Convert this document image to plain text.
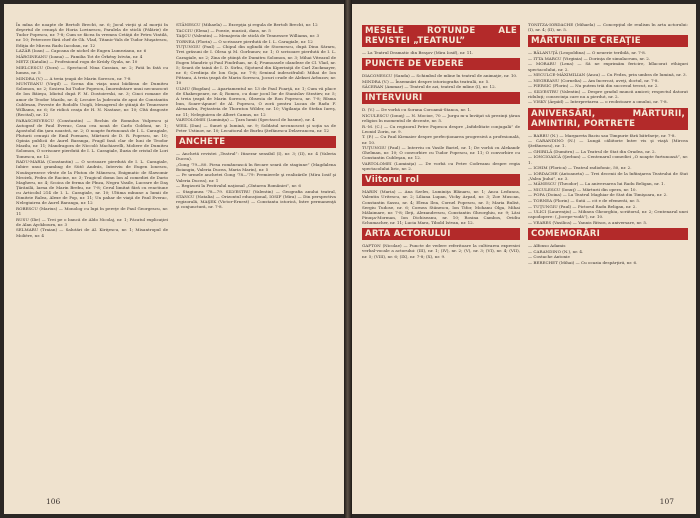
În mîna de noapte de Bertolt Brecht, nr. 6; Jocul vieţii şi al morţii în deşertul de cenuşă de Horia Lovinescu, Paralela de sticlă (Pălărie) de Tudor Popescu, nr. 7-8; Cum se făcea în vremea Cetăţii de Petru Vintilă, nr. 10; Petrecere fără chef de Gh. Vlad, Titanic-Vals de Tudor Muşatescu, Ediţia de Mircea Radu Iacoban, nr. 12
LAZĂR (Ioan) — Capcana de nichel de Eugen Lumezianu, nr. 6
MĂRGINEANU (Ioana) — Familia Tot de Örkény István, nr. 4
METZ (Katalin) — Profesionul rogu de Krúdy Gyula, nr. 10
MIELCESCU (Dora) — Spectacol Nina Cassian, nr. 2; Fată în fată cu lumea, nr. 5
MINDRA (V.) — A treia ţeapă de Marin Sorescu, nr. 7-8
MUNTEANU (Virgil) — Scena din viaţa unui bădăran de Dumitru Solomon, nr. 2; Sosirea lui Tudor Popescu, Îmormîntare unui necunoscut de Ion Băieşu, Idiotul după F. M. Dostoievski, nr. 3; Cinci romane de amor de Teodor Mazilu, nr. 4; Lecuire la Judecata de apoi de Constantin Cublesan, Poveste de Rodolfo Usigli, Mesagerul de ştiinţă de Tennessee Williams, nr. 6; Se ridică ceaţa de H. N. Nastase, nr. 10; Cîtă dragoste (Recital), nr. 12
PARASCHIVESCU (Constantin) — Rechin de Romulus Vulpescu şi Autograf de Paul Everac, Casa cea nouă de Carlo Goldoni, nr. 1; Apostolul din ţara noastră, nr. 2; O noapte furtunoasă de I. L. Caragiale, Fluturii cenuşii de Emil Poenaru, Mărturii de D. R. Popescu, nr. 10; Opinia publică de Aurel Baranga, Fragil însă clar de luni de Teodor Mazilu, nr. 11; Mandragora de Niccolò Machiavelli, Moliere de Dumitru Solomon, O scrisoare pierdută de I. L. Caragiale, Iluzia de cristal de Lori Tomescu, nr. 12
RADU-MARIA (Constantin) — O scrisoare pierdută de I. L. Caragiale, Iubire unui grambag de Sütő András, Interviu de Eugen Ionescu, Nouăsprezece vîrste de la Pluton de Mănescu, Enigmatic de Slawomir Mrożek, Fedra de Racine, nr. 3; Tragicul domn Ion al comediei de Dario Magheru, nr. 4; Scoica de ferma de Pînza, Negru Vasile, Lucrare de Daş Ţărănilă, Iarna de Marin Brebu, nr. 7-8; Cerul limitat fără cu reactiune cu Articolul 214 de I. L. Caragiale, nr. 10; Ultima mînune a lumii de Dimitrie Ralea, Alexe de Pop, nr. 11; Un pahar de viaţă de Paul Everac, Nelegiuirea de Aurel Baranga, nr. 12
ROBESCU (Marius) — Monolog cu lupi în pereţe de Paul Georgescu, nr. 11
RUSU (Ilie) — Trei pe o bancă de Aldo Nicolaj, nr. 1; Păcatul explicaţiei de Alan Ayckbourn, nr. 3
SELMARU (Traian) — Salutări de Al. Kiriţescu, nr. 1; Misantropul de Molière, nr. 4
STĂNESCU (Mihaela) — Excepţia şi regula de Bertolt Brecht, nr. 12
TACCIU (Elena) — Poezie, muzică, dans, nr. 5
TAŞCU (Valentin) — Menajeria de sticlă de Tennessee Williams, nr. 3
TORNEA (Florin) — O scrisoare pierdută de I. L. Caragiale, nr. 12
TUŢUNGIU (Paul) — Chipul din oglindă de Stoenescu, după Dinu Săraru, Trei grăsuni de I. Olesa şi M. Gorbunov, nr. 1; O scrisoare pierdută de I. L. Caragiale, nr. 2; Zina de ştiinţă de Dumitru Solomon, nr. 3; Mihai Viteazul de Eugen Mandric şi Paul Findrihan, nr. 4; Frumoasele olandeze de Cl. Vlad, nr. 5; Seară de taină de I. D. Sirbu, Gijoturul din Kiperiniţă de Carl Zuckmayer, nr. 6; Credinţa de Ion Goja, nr. 7-8; Seninul indescifrabil: Mihai de Ion Pittanu, A treia ţeapă de Marin Sorescu, Jocuri crude de Aleksei Arbuzov, nr. 10
ULMU (Bogdan) — Apartamentul nr. 13 de Paul Foarţă, nr. 1; Cum vă place de Shakespeare, nr. 4; Romeo, cu doar jocul lor de Stanislav Stratiev, nr. 5; A treia ţeapă de Marin Sorescu, Obsesia de Ron Popescu, nr. 7-8; Rîsma bun, Soare-Apune! de Al. Popescu, O zoră pentru Lucan de Radu F. Alexandru, Pejtasteia de Thornton Wilder, nr. 10; Vigilanţa de Stefan Iureş, nr. 11; Nelegiuirea de Albert Camus, nr. 12
VARTOLOMEI (Luminiţa) — Ţara lumii (Spectacol de basme), nr. 4
WEIL (Dan) — Sunet şi lumină, nr. 9; Soldatul necunoscut şi soţia sa de Peter Ustinov, nr. 10; Lecuitorul de Burbu Ştefănescu Delavrancea, nr. 12
ANCHETE
— Anchetă revistei „Teatrul”: Itinerar sensibil (I), nr. 3; (II), nr. 4 (Valeria Ducea).
„Gong '79—80. Piesa românească în fiecare seară de stagiune” (Magdalena Boiangiu, Valeria Ducea, Maria Marin), nr. 5
— Pe urmele anchetei Gong '78—'79: Premierele şi realizările (Mira Iosif şi Valeria Ducea), nr. 1
— Regizorii la Festivalul naţional „Cîntarea României”, nr. 6
— Stagiunea '78—79. SILVESTRU (Valentin) — Geografia anului teatral, STANCU (Natalia) — Orizontul educaţional, IOSIF (Mira) — Din perspectiva regizorală, MAŞEK (Victor-Ernest) — Constanta istorică, între permanenţă şi conjunctură, nr. 7-8.
106
MESELE ROTUNDE ALE REVISTEI „TEATRUL”
— La Teatrul Dramatic din Braşov (Mira Iosif), nr. 11.
PUNCTE DE VEDERE
DIACONESCU (Sanda) — Schimbul de mîine în teatrul de animaţie, nr. 10.
MINDRA (V.) — Însemnări despre istoriografia teatrală, nr. 5.
SĂCERAN (Ammar) — Teatrul de azi, teatrul de mîine (I), nr. 12.
INTERVIURI
D. (V.) — De vorbă cu Sorana Coroamă-Stanca, nr. 1.
NICULESCU (Ionuţ) — N. Mocioe, 70 — Jurgu m-a învăţat să prezinţi ţăran religios în momentul de decente, nr. 5.
R.-M. (C.) — Cu regizorul Petre Popescu despre „Infidelitate conjugală” de Leonid Zorin, nr. 9.
T. (P.) — Cu Paul Kirmaier despre perfecţionarea progresivă a profesională, nr. 10.
TUŢUNGIU (Paul) — Interviu cu Vasile Bariel, nr. 1; De vorbă cu Alekandr Ghelman, nr. 10; O convorbire cu Tudor Popescu, nr. 11; O convorbire cu Constantin Cubleşan, nr. 12.
VARTOLOMEI (Luminiţa) — De vorbă cu Petre Codreanu despre regia spectacolului liric, nr. 2.
Viitorul rol
MARIN (Maria) — Ana Szeles, Luminiţa Blănaru, nr. 1; Anca Ledunca, Valentin Uritescu, nr. 2; Liliana Lupan, Vicky Arpad, nr. 3; Zoe Muscan, Constantin Sassu, nr. 4; Elena Ilea, Cornel Popescu, nr. 5; Maria Bulist, Sergiu Tudose, nr. 6; Cornea Stănescu, Ion Tifor, Mohanu Olga, Mihai Mălaimare, nr. 7-8; Ileţi, Alexandrescu, Constantin Gheorghiu, nr. 9; Lăsi Pinuşa-Morman, Ion Dichiseanu, nr. 10; Rosina Cambos, Ovidiu Schumacher, nr. 11; Lucia Mara, Tibold Istvan, nr. 12.
ARTA ACTORULUI
GAFTON (Nicolae) — Puncte de vedere referitoare la cultivarea expresiei verbal-vocale a actorului: (III), nr. 1; (IV), nr. 2; (V), nr. 3; (VI), nr. 4; (VII), nr. 5; (VIII), nr. 6; (IX), nr. 7-8; (X), nr. 9.
TONITZA-IORDACHE (Mihaela) — Concepţiul de realism în arta actorului: (I), nr. 4; (II), nr. 5.
MĂRTURII DE CREAŢIE
— BĂLANUŢĂ (Leopoldina) — O neuerie teribilă, nr. 7-8.
— ITTA MARCU (Virginia) — Dorinţa de simulacrum, nr. 2.
— MORARU (Lena) — Să ne exprimăm fericire, bîlacorat ethiquei spectacolului, nr. 2.
— NECULCE-MĂXIMILIAN (Anca) — Cu Fedra, prin umbra de lumină, nr. 3.
— NEGREANU (Cornelia) — Am încercat, aveţi, doctul, nr. 7-8.
— PIERSIC (Florin) — Nu putem trăi din succesul trecut, nr. 2.
— SILVESTRU (Valentin) — Despre gradul muncii amicei; respectul datorat riduluţi; consecinţa care nu a pierdut, nr. 2.
— VISKY (Árpád) — Interpretarea — o reobstoare a omului, nr. 7-8.
ANIVERSĂRI, MĂRTURII, AMINTIRI, PORTRETE
— BARBU (N.) — Margareta Baciu sau Timpurie fără bătrîneţe, nr. 7-8.
— CARANDINO (N.) — Lungă căliitorie între vis şi viaţă (Mircea Ştefănescu), nr. 1.
— GHIRILĂ (Dumitru) — La Teatrul de Stat din Oradea, nr. 2.
— IONCIOAICĂ (Şerban) — Centenarul comediei „O noapte furtunoasă”, nr. 1.
— ICHIM (Florica) — Teatrul radiofonic, 50, nr. 2.
— IORDACHE (Antoaneta) — Trei decenii de la înfiinţarea Teatrului de Stat „Valea Jiului”, nr. 3.
— MĂNESCU (Theodor) — La aniversarea lui Radu Beligan, nr. 1.
— NICULESCU (Ionuţ) — Mărturii din opera, nr. 10.
— POPA (Doina) — La Teatrul Maghiar de Stat din Timişoara, nr. 2.
— TORNEA (Florin) — Sută — cit e de efemerăi, nr. 5.
— TUŢUNGIU (Paul) — Pictorul Radu Beligan, nr. 2.
— ULICI (Laurenţiu) — Mihnea Gheorghiu, scriitorul, nr. 2; Centenarul unei capodopere: („Jocepe-vodă”), nr. 10.
— VEARES (Vasilica) — Yannis Ritsos, a aniversare, nr. 5.
COMEMORĂRI
— Alfonso Adamis
— CARANDINO (N.), nr. 4.
— Costache Antonie
— BERECHET (Mihai) — Cu ocazia despărţirii, nr. 6.
107
